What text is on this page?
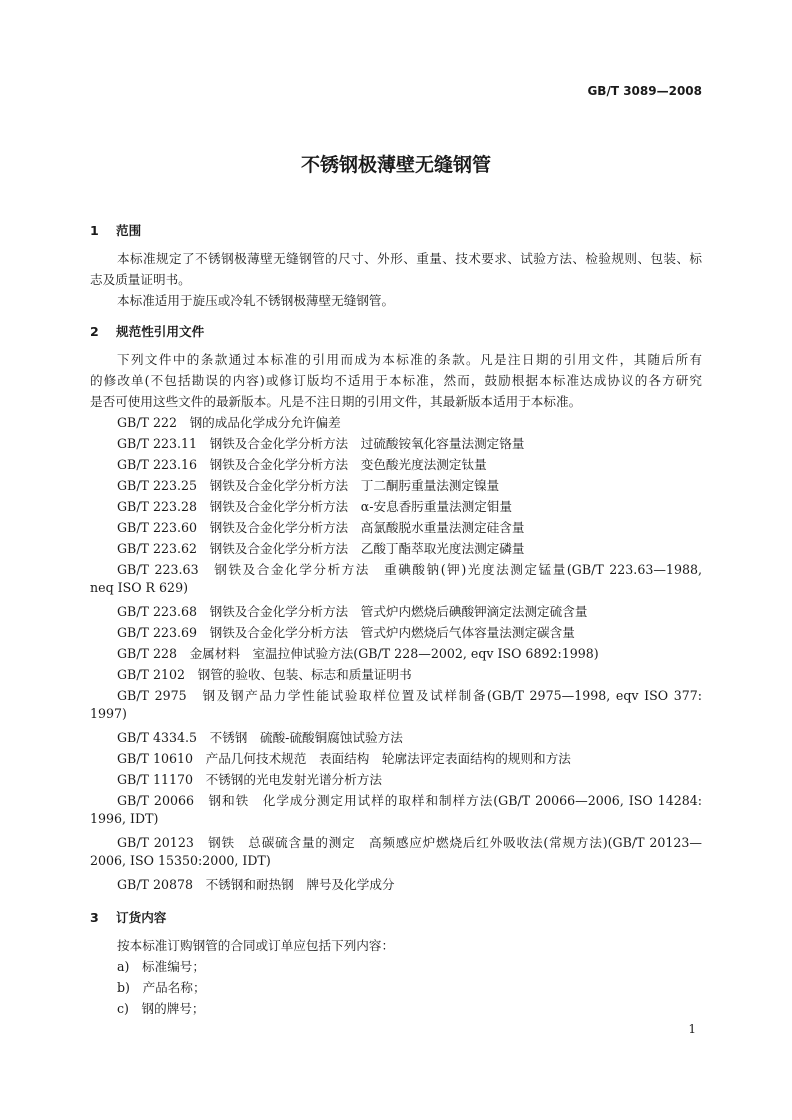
GB/T 3089—2008
不锈钢极薄壁无缝钢管
1 范围
本标准规定了不锈钢极薄壁无缝钢管的尺寸、外形、重量、技术要求、试验方法、检验规则、包装、标
志及质量证明书。
本标准适用于旋压或冷轧不锈钢极薄壁无缝钢管。
2 规范性引用文件
下列文件中的条款通过本标准的引用而成为本标准的条款。凡是注日期的引用文件，其随后所有
的修改单(不包括勘误的内容)或修订版均不适用于本标准，然而，鼓励根据本标准达成协议的各方研究
是否可使用这些文件的最新版本。凡是不注日期的引用文件，其最新版本适用于本标准。
GB/T 222　钢的成品化学成分允许偏差
GB/T 223.11　钢铁及合金化学分析方法　过硫酸铵氧化容量法测定铬量
GB/T 223.16　钢铁及合金化学分析方法　变色酸光度法测定钛量
GB/T 223.25　钢铁及合金化学分析方法　丁二酮肟重量法测定镍量
GB/T 223.28　钢铁及合金化学分析方法　α-安息香肟重量法测定钼量
GB/T 223.60　钢铁及合金化学分析方法　高氯酸脱水重量法测定硅含量
GB/T 223.62　钢铁及合金化学分析方法　乙酸丁酯萃取光度法测定磷量
GB/T 223.63　钢铁及合金化学分析方法　重碘酸钠(钾)光度法测定锰量(GB/T 223.63—1988,
neq ISO R 629)
GB/T 223.68　钢铁及合金化学分析方法　管式炉内燃烧后碘酸钾滴定法测定硫含量
GB/T 223.69　钢铁及合金化学分析方法　管式炉内燃烧后气体容量法测定碳含量
GB/T 228　金属材料　室温拉伸试验方法(GB/T 228—2002, eqv ISO 6892:1998)
GB/T 2102　钢管的验收、包装、标志和质量证明书
GB/T 2975　钢及钢产品力学性能试验取样位置及试样制备(GB/T 2975—1998, eqv ISO 377:
1997)
GB/T 4334.5　不锈钢　硫酸-硫酸铜腐蚀试验方法
GB/T 10610　产品几何技术规范　表面结构　轮廓法评定表面结构的规则和方法
GB/T 11170　不锈钢的光电发射光谱分析方法
GB/T 20066　钢和铁　化学成分测定用试样的取样和制样方法(GB/T 20066—2006, ISO 14284:
1996, IDT)
GB/T 20123　钢铁　总碳硫含量的测定　高频感应炉燃烧后红外吸收法(常规方法)(GB/T 20123—
2006, ISO 15350:2000, IDT)
GB/T 20878　不锈钢和耐热钢　牌号及化学成分
3 订货内容
按本标准订购钢管的合同或订单应包括下列内容：
a)　标准编号；
b)　产品名称；
c)　钢的牌号；
1
